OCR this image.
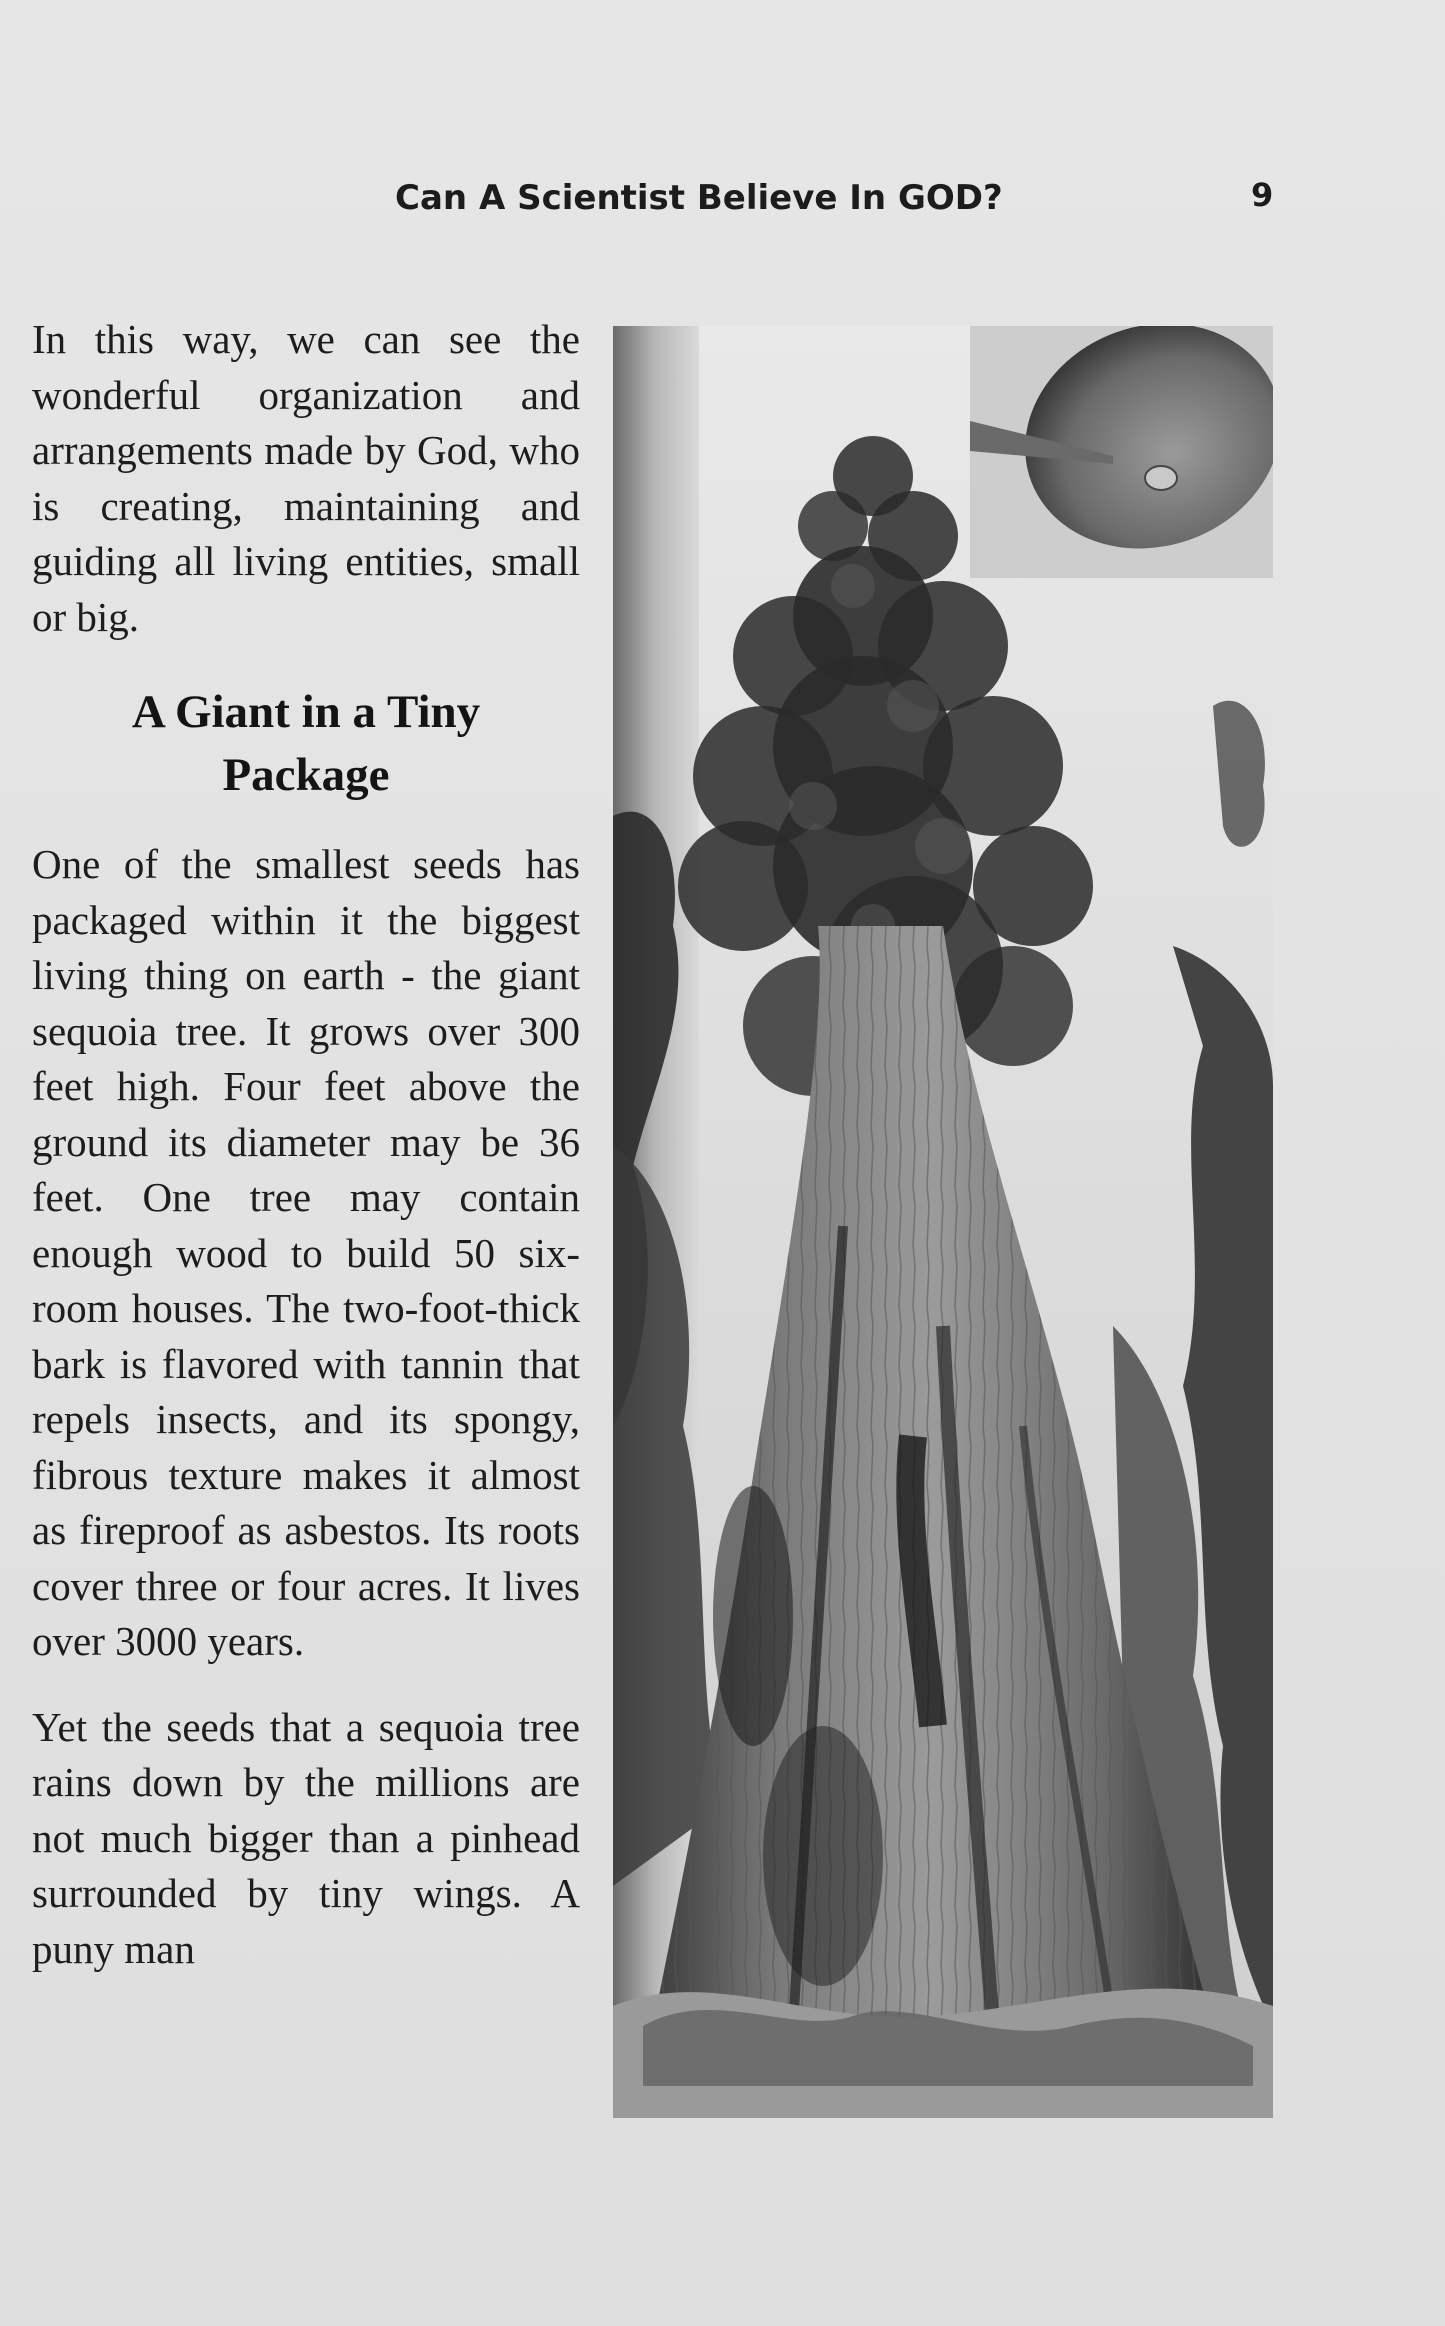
Can A Scientist Believe In GOD?	9

In this way, we can see the wonderful organization and arrangements made by God, who is creating, maintaining and guiding all living entities, small or big.

A Giant in a Tiny
Package

One of the smallest seeds has packaged within it the biggest living thing on earth - the giant sequoia tree. It grows over 300 feet high. Four feet above the ground its diameter may be 36 feet. One tree may contain enough wood to build 50 six-room houses. The two-foot-thick bark is flavored with tannin that repels insects, and its spongy, fibrous texture makes it almost as fireproof as asbestos. Its roots cover three or four acres. It lives over 3000 years.

Yet the seeds that a sequoia tree rains down by the millions are not much bigger than a pinhead surrounded by tiny wings. A puny man
